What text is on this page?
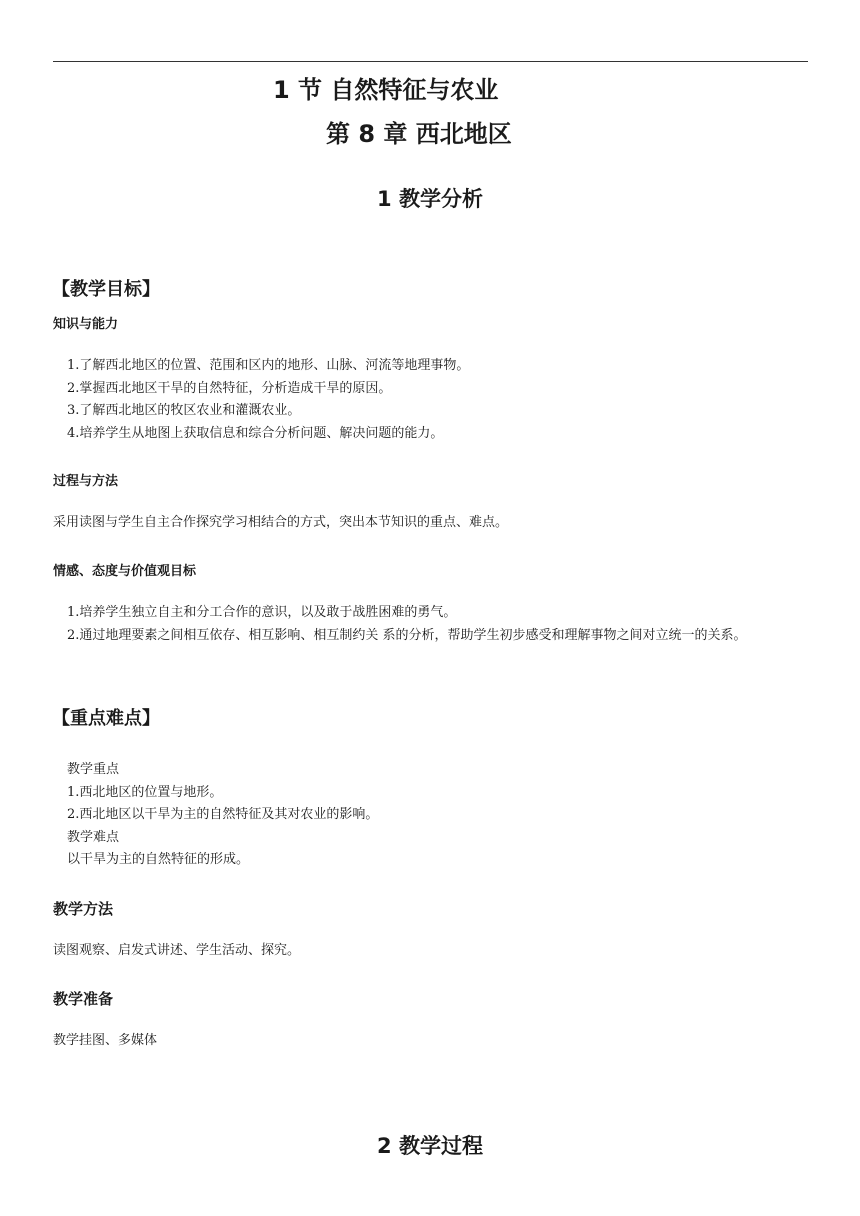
1 节 自然特征与农业
第 8 章 西北地区
1 教学分析
【教学目标】
知识与能力
1.了解西北地区的位置、范围和区内的地形、山脉、河流等地理事物。
2.掌握西北地区干旱的自然特征，分析造成干旱的原因。
3.了解西北地区的牧区农业和灌溉农业。
4.培养学生从地图上获取信息和综合分析问题、解决问题的能力。
过程与方法
采用读图与学生自主合作探究学习相结合的方式，突出本节知识的重点、难点。
情感、态度与价值观目标
1.培养学生独立自主和分工合作的意识，以及敢于战胜困难的勇气。
2.通过地理要素之间相互依存、相互影响、相互制约关 系的分析，帮助学生初步感受和理解事物之间对立统一的关系。
【重点难点】
教学重点
1.西北地区的位置与地形。
2.西北地区以干旱为主的自然特征及其对农业的影响。
教学难点
以干旱为主的自然特征的形成。
教学方法
读图观察、启发式讲述、学生活动、探究。
教学准备
教学挂图、多媒体
2 教学过程
